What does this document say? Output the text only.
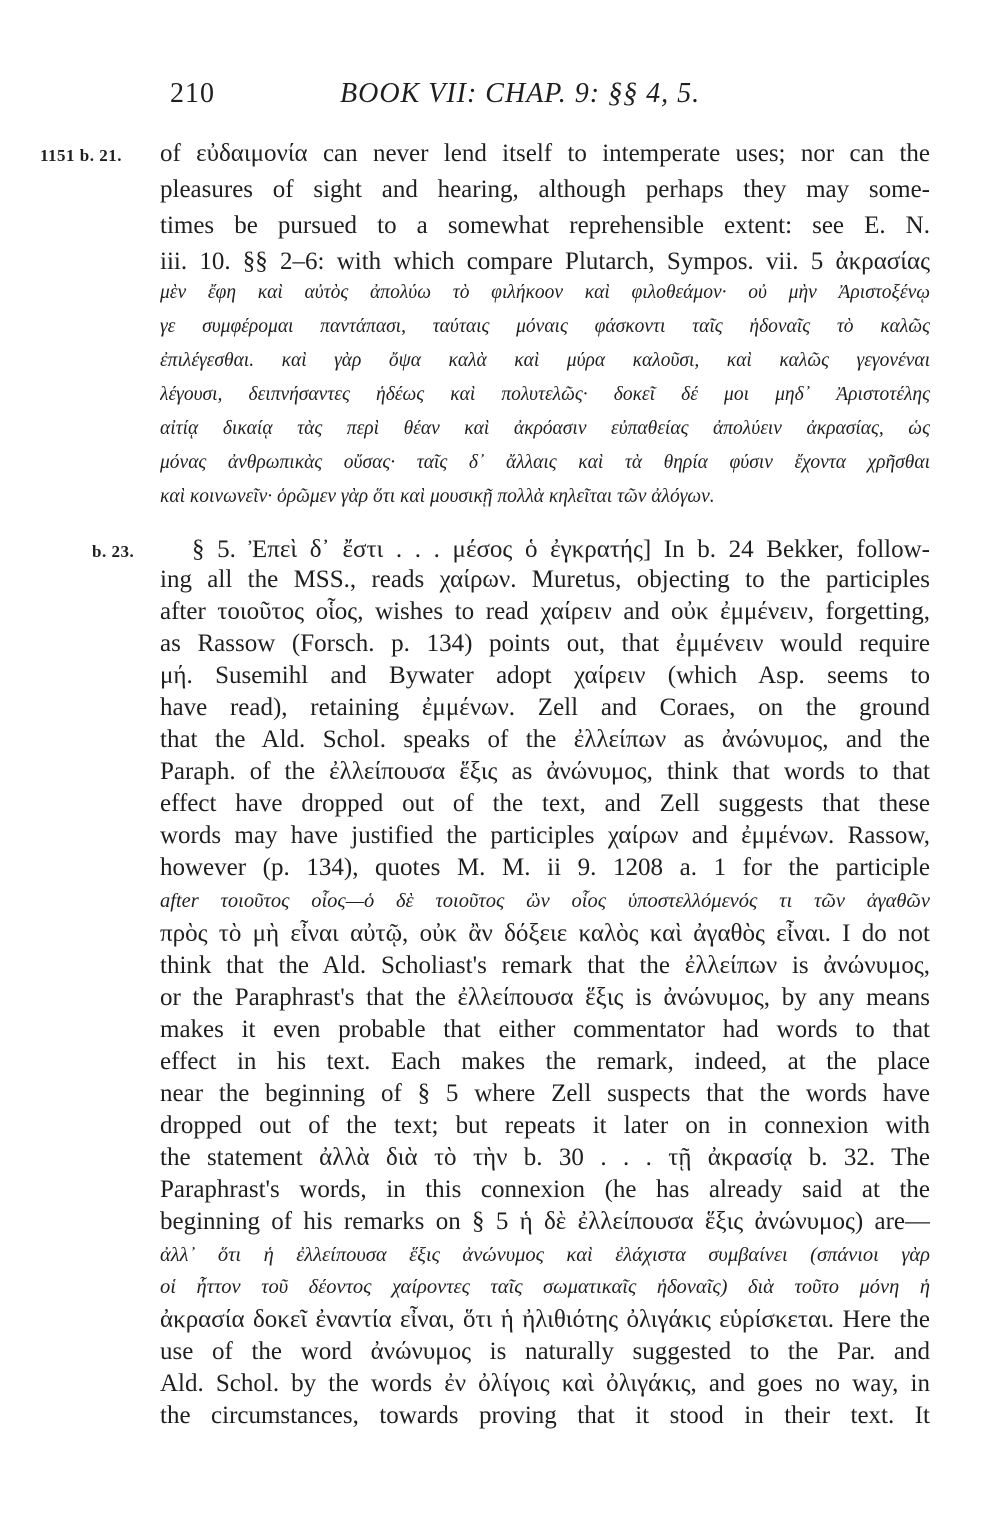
210	BOOK VII: CHAP. 9: §§ 4, 5.
1151 b. 21. of εὐδαιμονία can never lend itself to intemperate uses; nor can the
pleasures of sight and hearing, although perhaps they may some-
times be pursued to a somewhat reprehensible extent: see E. N.
iii. 10. §§ 2–6: with which compare Plutarch, Sympos. vii. 5 ἀκρασίας
μὲν ἔφη καὶ αὐτὸς ἀπολύω τὸ φιλήκοον καὶ φιλοθεάμον· οὐ μὴν Ἀριστοξένῳ
γε συμφέρομαι παντάπασι, ταύταις μόναις φάσκοντι ταῖς ἡδοναῖς τὸ καλῶς
ἐπιλέγεσθαι. καὶ γὰρ ὄψα καλὰ καὶ μύρα καλοῦσι, καὶ καλῶς γεγονέναι
λέγουσι, δειπνήσαντες ἡδέως καὶ πολυτελῶς· δοκεῖ δέ μοι μηδ᾽ Ἀριστοτέλης
αἰτίᾳ δικαίᾳ τὰς περὶ θέαν καὶ ἀκρόασιν εὐπαθείας ἀπολύειν ἀκρασίας, ὡς
μόνας ἀνθρωπικὰς οὔσας· ταῖς δ᾽ ἄλλαις καὶ τὰ θηρία φύσιν ἔχοντα χρῆσθαι
καὶ κοινωνεῖν· ὁρῶμεν γὰρ ὅτι καὶ μουσικῇ πολλὰ κηλεῖται τῶν ἀλόγων.
b. 23. § 5. Ἐπεὶ δ᾽ ἔστι . . . μέσος ὁ ἐγκρατής] In b. 24 Bekker, follow-
ing all the MSS., reads χαίρων. Muretus, objecting to the participles
after τοιοῦτος οἷος, wishes to read χαίρειν and οὐκ ἐμμένειν, forgetting,
as Rassow (Forsch. p. 134) points out, that ἐμμένειν would require
μή. Susemihl and Bywater adopt χαίρειν (which Asp. seems to
have read), retaining ἐμμένων. Zell and Coraes, on the ground
that the Ald. Schol. speaks of the ἐλλείπων as ἀνώνυμος, and the
Paraph. of the ἐλλείπουσα ἕξις as ἀνώνυμος, think that words to that
effect have dropped out of the text, and Zell suggests that these
words may have justified the participles χαίρων and ἐμμένων. Rassow,
however (p. 134), quotes M. M. ii 9. 1208 a. 1 for the participle
after τοιοῦτος οἷος—ὁ δὲ τοιοῦτος ὢν οἷος ὑποστελλόμενός τι τῶν ἀγαθῶν
πρὸς τὸ μὴ εἶναι αὐτῷ, οὐκ ἂν δόξειε καλὸς καὶ ἀγαθὸς εἶναι. I do not
think that the Ald. Scholiast's remark that the ἐλλείπων is ἀνώνυμος,
or the Paraphrast's that the ἐλλείπουσα ἕξις is ἀνώνυμος, by any means
makes it even probable that either commentator had words to that
effect in his text. Each makes the remark, indeed, at the place
near the beginning of § 5 where Zell suspects that the words have
dropped out of the text; but repeats it later on in connexion with
the statement ἀλλὰ διὰ τὸ τὴν b. 30 . . . τῇ ἀκρασίᾳ b. 32. The
Paraphrast's words, in this connexion (he has already said at the
beginning of his remarks on § 5 ἡ δὲ ἐλλείπουσα ἕξις ἀνώνυμος) are—
ἀλλ᾽ ὅτι ἡ ἐλλείπουσα ἕξις ἀνώνυμος καὶ ἐλάχιστα συμβαίνει (σπάνιοι γὰρ
οἱ ἧττον τοῦ δέοντος χαίροντες ταῖς σωματικαῖς ἡδοναῖς) διὰ τοῦτο μόνη ἡ
ἀκρασία δοκεῖ ἐναντία εἶναι, ὅτι ἡ ἠλιθιότης ὀλιγάκις εὑρίσκεται. Here the
use of the word ἀνώνυμος is naturally suggested to the Par. and
Ald. Schol. by the words ἐν ὀλίγοις καὶ ὀλιγάκις, and goes no way, in
the circumstances, towards proving that it stood in their text. It
